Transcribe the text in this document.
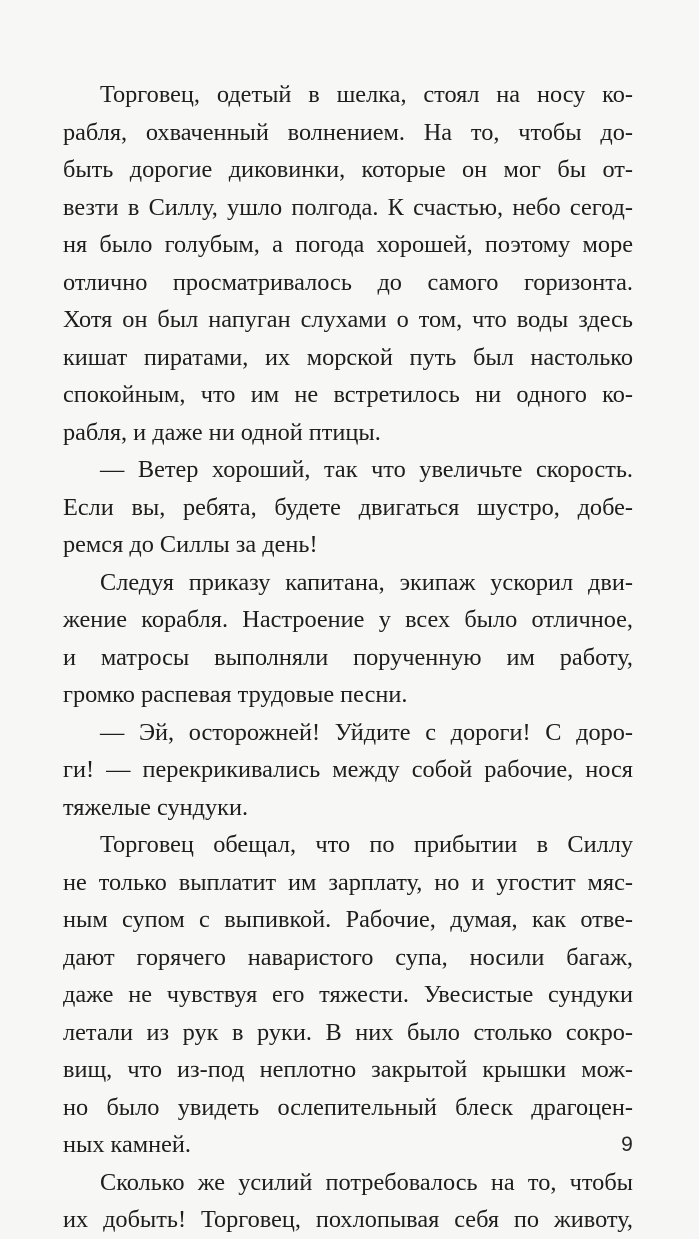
Торговец, одетый в шелка, стоял на носу ко-
рабля, охваченный волнением. На то, чтобы до-
быть дорогие диковинки, которые он мог бы от-
везти в Силлу, ушло полгода. К счастью, небо сегод-
ня было голубым, а погода хорошей, поэтому море
отлично просматривалось до самого горизонта.
Хотя он был напуган слухами о том, что воды здесь
кишат пиратами, их морской путь был настолько
спокойным, что им не встретилось ни одного ко-
рабля, и даже ни одной птицы.
— Ветер хороший, так что увеличьте скорость.
Если вы, ребята, будете двигаться шустро, добе-
ремся до Силлы за день!
Следуя приказу капитана, экипаж ускорил дви-
жение корабля. Настроение у всех было отличное,
и матросы выполняли порученную им работу,
громко распевая трудовые песни.
— Эй, осторожней! Уйдите с дороги! С доро-
ги! — перекрикивались между собой рабочие, нося
тяжелые сундуки.
Торговец обещал, что по прибытии в Силлу
не только выплатит им зарплату, но и угостит мяс-
ным супом с выпивкой. Рабочие, думая, как отве-
дают горячего наваристого супа, носили багаж,
даже не чувствуя его тяжести. Увесистые сундуки
летали из рук в руки. В них было столько сокро-
вищ, что из-под неплотно закрытой крышки мож-
но было увидеть ослепительный блеск драгоцен-
ных камней.
Сколько же усилий потребовалось на то, чтобы
их добыть! Торговец, похлопывая себя по животу,
9
